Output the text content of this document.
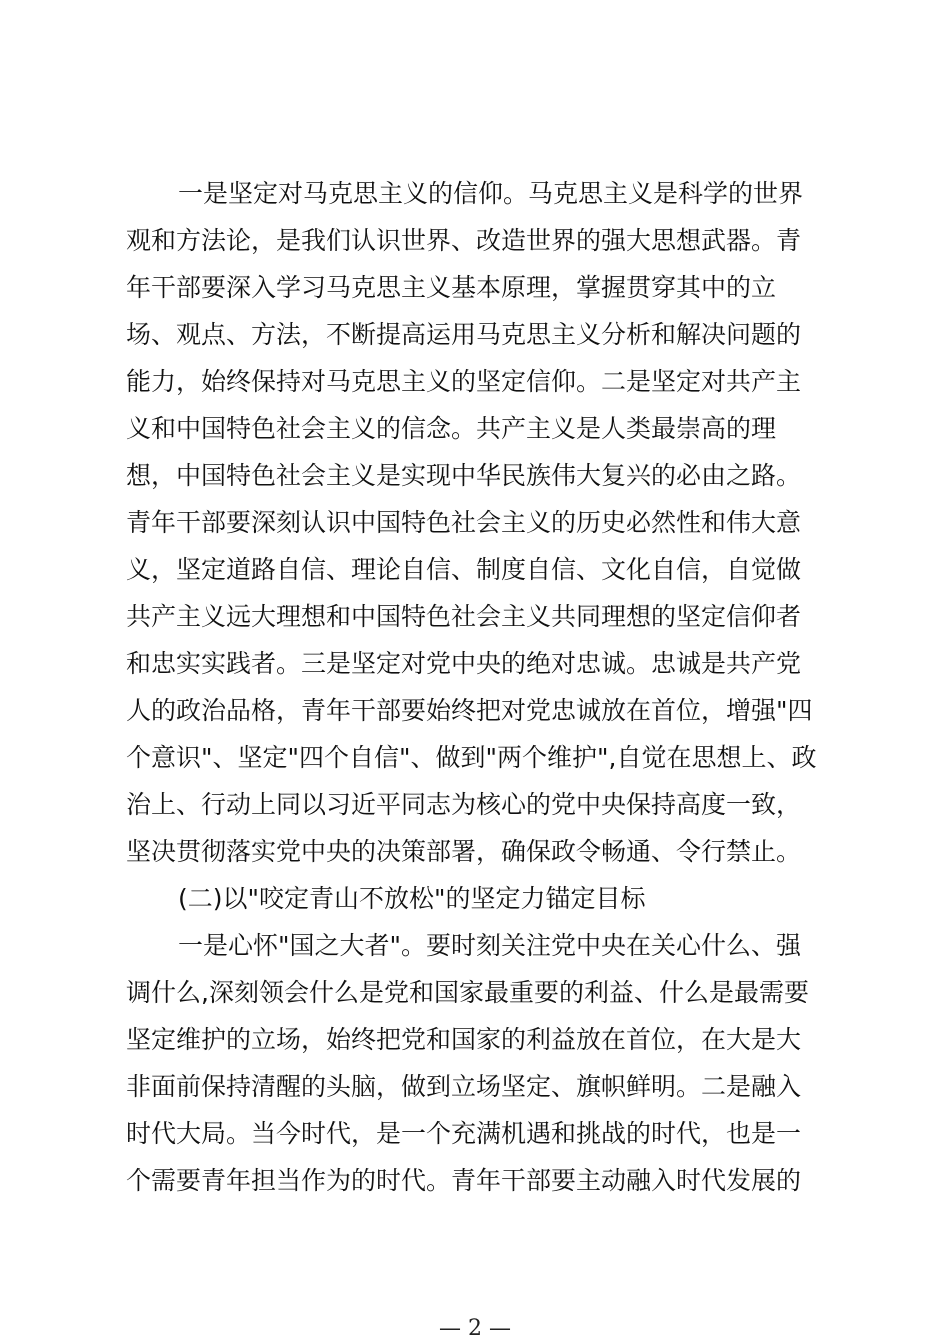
一是坚定对马克思主义的信仰。马克思主义是科学的世界
观和方法论，是我们认识世界、改造世界的强大思想武器。青
年干部要深入学习马克思主义基本原理，掌握贯穿其中的立
场、观点、方法，不断提高运用马克思主义分析和解决问题的
能力，始终保持对马克思主义的坚定信仰。二是坚定对共产主
义和中国特色社会主义的信念。共产主义是人类最崇高的理
想，中国特色社会主义是实现中华民族伟大复兴的必由之路。
青年干部要深刻认识中国特色社会主义的历史必然性和伟大意
义，坚定道路自信、理论自信、制度自信、文化自信，自觉做
共产主义远大理想和中国特色社会主义共同理想的坚定信仰者
和忠实实践者。三是坚定对党中央的绝对忠诚。忠诚是共产党
人的政治品格，青年干部要始终把对党忠诚放在首位，增强"四
个意识"、坚定"四个自信"、做到"两个维护",自觉在思想上、政
治上、行动上同以习近平同志为核心的党中央保持高度一致，
坚决贯彻落实党中央的决策部署，确保政令畅通、令行禁止。
(二)以"咬定青山不放松"的坚定力锚定目标
一是心怀"国之大者"。要时刻关注党中央在关心什么、强
调什么,深刻领会什么是党和国家最重要的利益、什么是最需要
坚定维护的立场，始终把党和国家的利益放在首位，在大是大
非面前保持清醒的头脑，做到立场坚定、旗帜鲜明。二是融入
时代大局。当今时代，是一个充满机遇和挑战的时代，也是一
个需要青年担当作为的时代。青年干部要主动融入时代发展的
— 2 —
